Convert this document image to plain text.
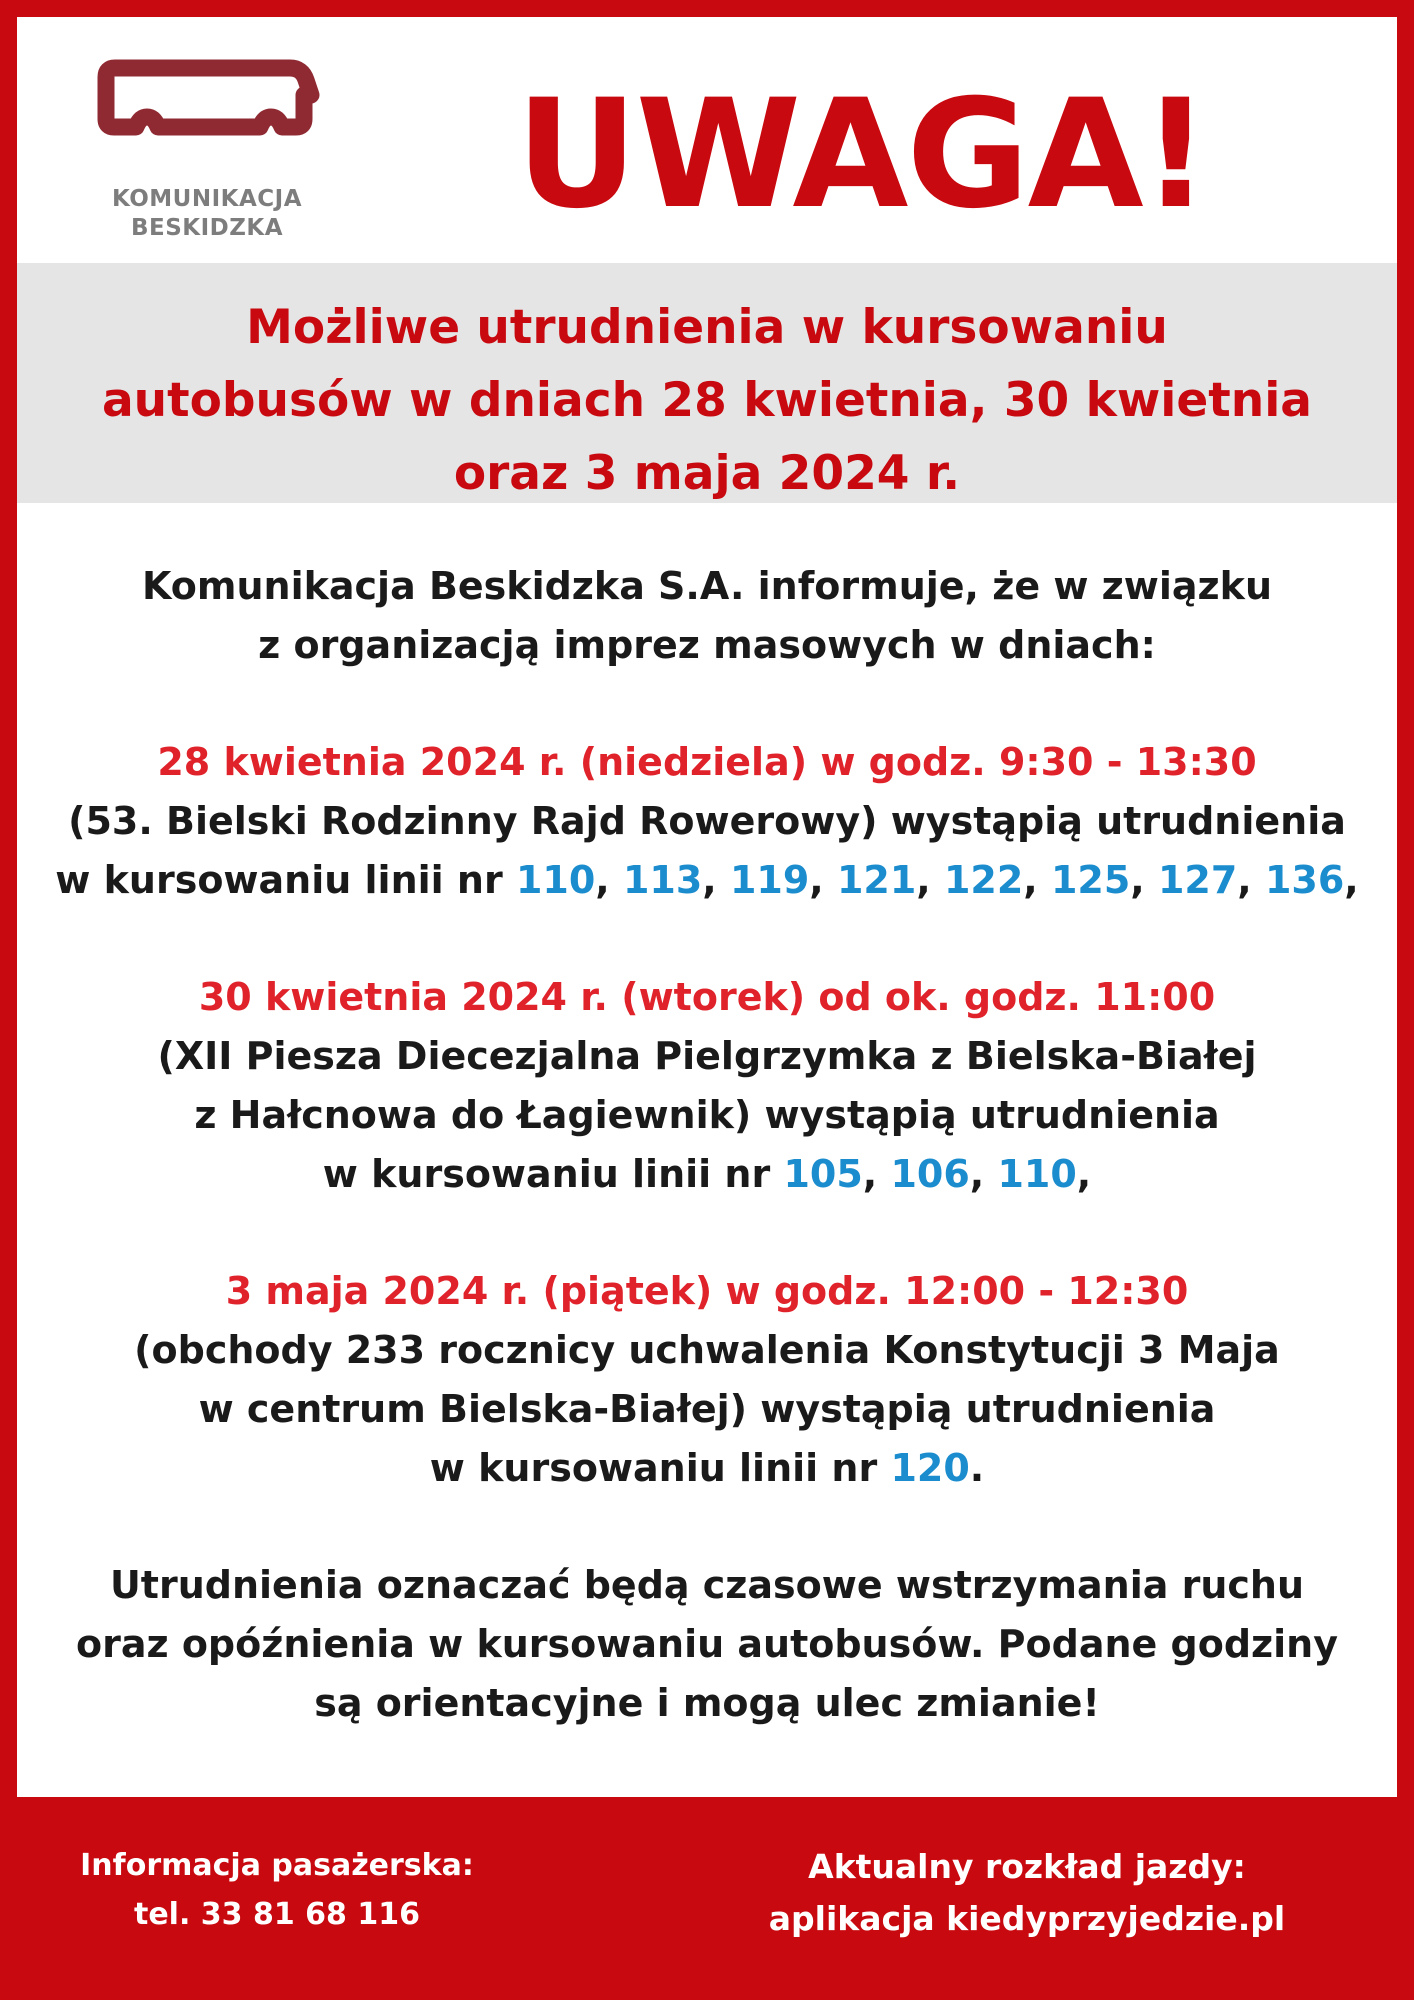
KOMUNIKACJA
BESKIDZKA	UWAGA!
Możliwe utrudnienia w kursowaniu
autobusów w dniach 28 kwietnia, 30 kwietnia
oraz 3 maja 2024 r.

Komunikacja Beskidzka S.A. informuje, że w związku

z organizacją imprez masowych w dniach:

28 kwietnia 2024 r. (niedziela) w godz. 9:30 - 13:30

(53. Bielski Rodzinny Rajd Rowerowy) wystąpią utrudnienia

w kursowaniu linii nr 110, 113, 119, 121, 122, 125, 127, 136,

30 kwietnia 2024 r. (wtorek) od ok. godz. 11:00

(XII Piesza Diecezjalna Pielgrzymka z Bielska-Białej

z Hałcnowa do Łagiewnik) wystąpią utrudnienia

w kursowaniu linii nr 105, 106, 110,

3 maja 2024 r. (piątek) w godz. 12:00 - 12:30

(obchody 233 rocznicy uchwalenia Konstytucji 3 Maja

w centrum Bielska-Białej) wystąpią utrudnienia

w kursowaniu linii nr 120.

Utrudnienia oznaczać będą czasowe wstrzymania ruchu

oraz opóźnienia w kursowaniu autobusów. Podane godziny

są orientacyjne i mogą ulec zmianie!

Informacja pasażerska:
tel. 33 81 68 116
Aktualny rozkład jazdy:
aplikacja kiedyprzyjedzie.pl
